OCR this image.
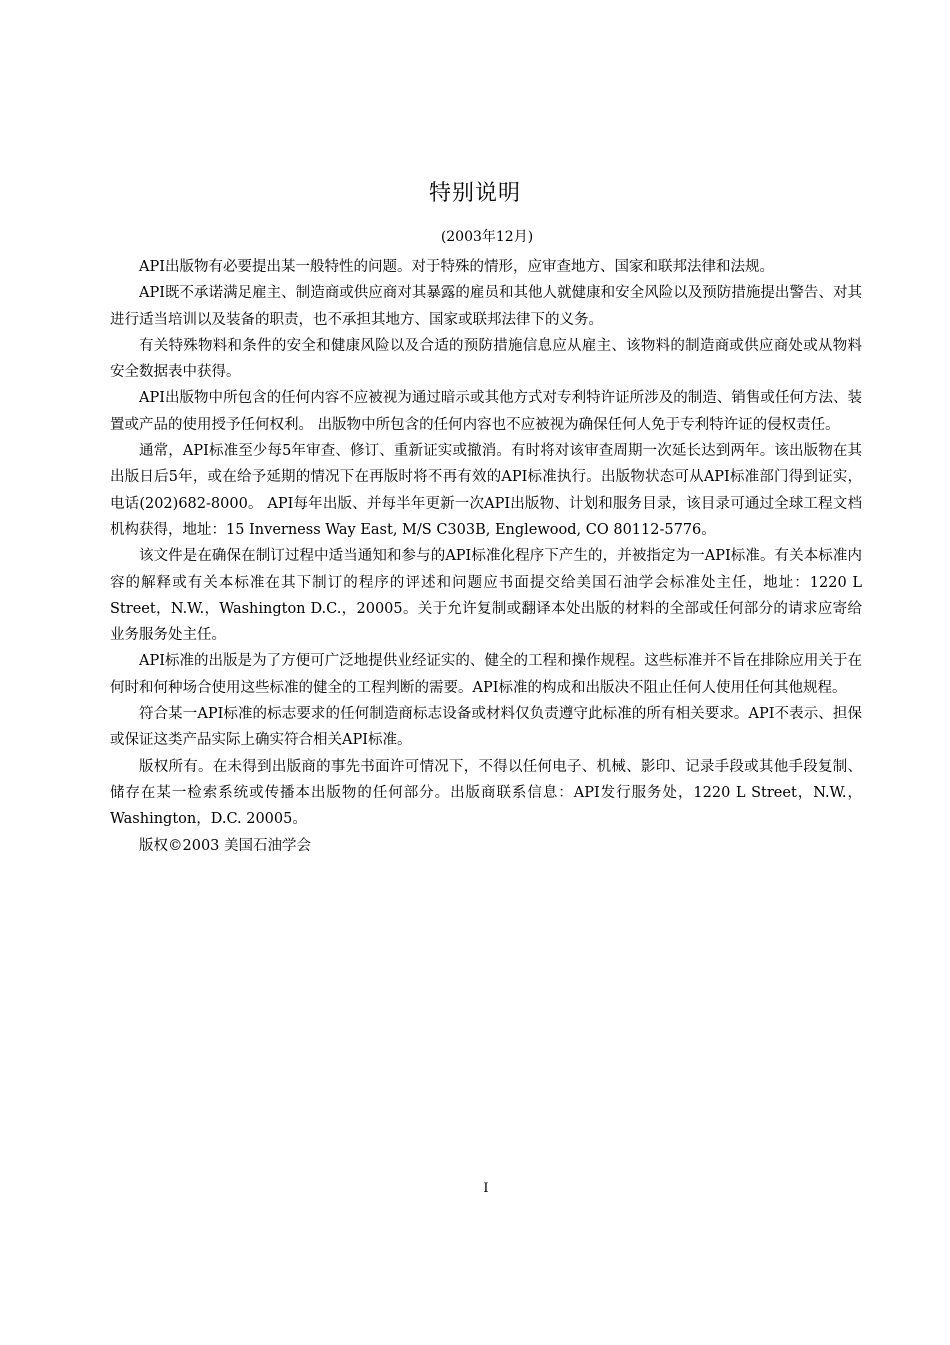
特别说明
(2003年12月)

API出版物有必要提出某一般特性的问题。对于特殊的情形，应审查地方、国家和联邦法律和法规。

API既不承诺满足雇主、制造商或供应商对其暴露的雇员和其他人就健康和安全风险以及预防措施提出警告、对其进行适当培训以及装备的职责，也不承担其地方、国家或联邦法律下的义务。

有关特殊物料和条件的安全和健康风险以及合适的预防措施信息应从雇主、该物料的制造商或供应商处或从物料安全数据表中获得。

API出版物中所包含的任何内容不应被视为通过暗示或其他方式对专利特许证所涉及的制造、销售或任何方法、装置或产品的使用授予任何权利。 出版物中所包含的任何内容也不应被视为确保任何人免于专利特许证的侵权责任。

通常，API标准至少每5年审查、修订、重新证实或撤消。有时将对该审查周期一次延长达到两年。该出版物在其出版日后5年，或在给予延期的情况下在再版时将不再有效的API标准执行。出版物状态可从API标准部门得到证实，电话(202)682-8000。 API每年出版、并每半年更新一次API出版物、计划和服务目录，该目录可通过全球工程文档机构获得，地址：15 Inverness Way East, M/S C303B, Englewood, CO 80112-5776。

该文件是在确保在制订过程中适当通知和参与的API标准化程序下产生的，并被指定为一API标准。有关本标准内容的解释或有关本标准在其下制订的程序的评述和问题应书面提交给美国石油学会标准处主任，地址：1220 L Street，N.W.，Washington D.C.，20005。关于允许复制或翻译本处出版的材料的全部或任何部分的请求应寄给业务服务处主任。

API标准的出版是为了方便可广泛地提供业经证实的、健全的工程和操作规程。这些标准并不旨在排除应用关于在何时和何种场合使用这些标准的健全的工程判断的需要。API标准的构成和出版决不阻止任何人使用任何其他规程。

符合某一API标准的标志要求的任何制造商标志设备或材料仅负责遵守此标准的所有相关要求。API不表示、担保或保证这类产品实际上确实符合相关API标准。

版权所有。在未得到出版商的事先书面许可情况下，不得以任何电子、机械、影印、记录手段或其他手段复制、储存在某一检索系统或传播本出版物的任何部分。出版商联系信息：API发行服务处，1220 L Street，N.W.，Washington，D.C. 20005。

版权©2003 美国石油学会

I
